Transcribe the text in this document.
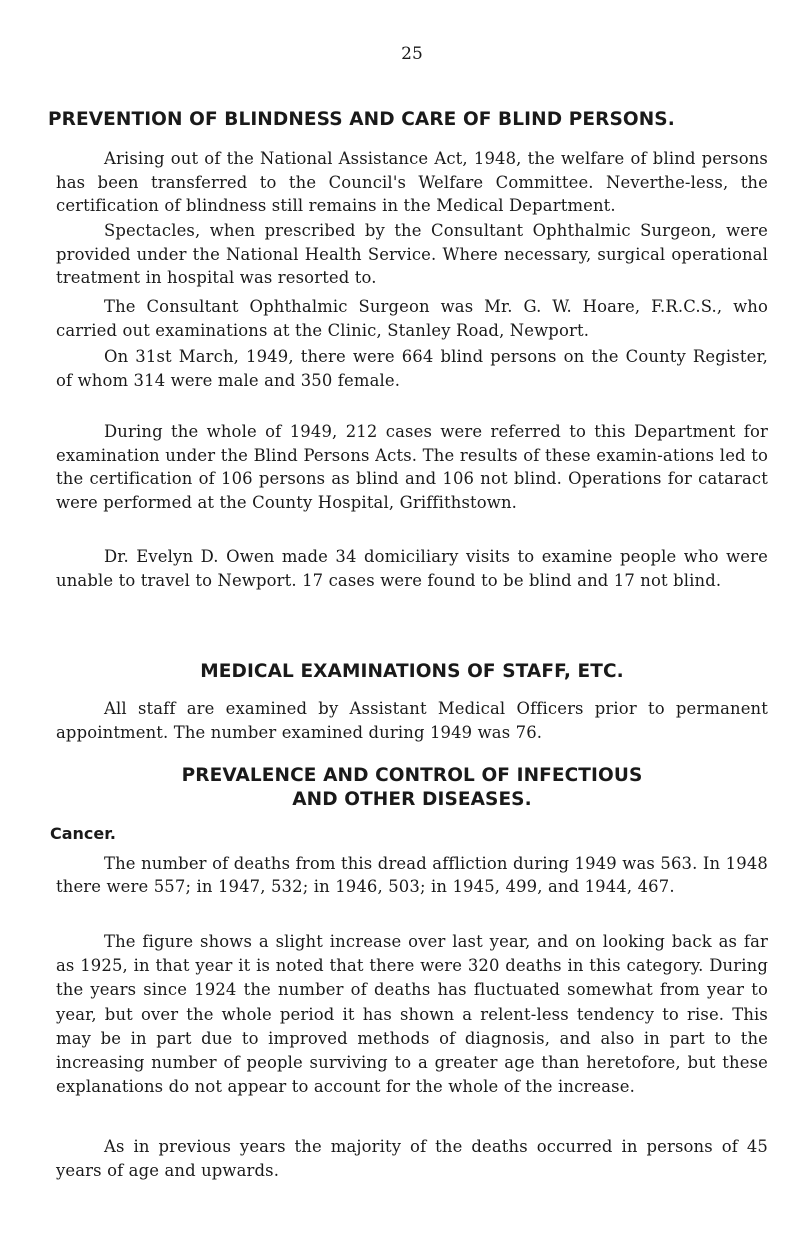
25
PREVENTION OF BLINDNESS AND CARE OF BLIND PERSONS.

Arising out of the National Assistance Act, 1948, the welfare of blind persons has been transferred to the Council's Welfare Committee. Neverthe-less, the certification of blindness still remains in the Medical Department.

Spectacles, when prescribed by the Consultant Ophthalmic Surgeon, were provided under the National Health Service. Where necessary, surgical operational treatment in hospital was resorted to.

The Consultant Ophthalmic Surgeon was Mr. G. W. Hoare, F.R.C.S., who carried out examinations at the Clinic, Stanley Road, Newport.

On 31st March, 1949, there were 664 blind persons on the County Register, of whom 314 were male and 350 female.

During the whole of 1949, 212 cases were referred to this Department for examination under the Blind Persons Acts. The results of these examin-ations led to the certification of 106 persons as blind and 106 not blind. Operations for cataract were performed at the County Hospital, Griffithstown.

Dr. Evelyn D. Owen made 34 domiciliary visits to examine people who were unable to travel to Newport. 17 cases were found to be blind and 17 not blind.

MEDICAL EXAMINATIONS OF STAFF, ETC.

All staff are examined by Assistant Medical Officers prior to permanent appointment. The number examined during 1949 was 76.

PREVALENCE AND CONTROL OF INFECTIOUS
AND OTHER DISEASES.
Cancer.

The number of deaths from this dread affliction during 1949 was 563. In 1948 there were 557; in 1947, 532; in 1946, 503; in 1945, 499, and 1944, 467.

The figure shows a slight increase over last year, and on looking back as far as 1925, in that year it is noted that there were 320 deaths in this category. During the years since 1924 the number of deaths has fluctuated somewhat from year to year, but over the whole period it has shown a relent-less tendency to rise. This may be in part due to improved methods of diagnosis, and also in part to the increasing number of people surviving to a greater age than heretofore, but these explanations do not appear to account for the whole of the increase.

As in previous years the majority of the deaths occurred in persons of 45 years of age and upwards.
